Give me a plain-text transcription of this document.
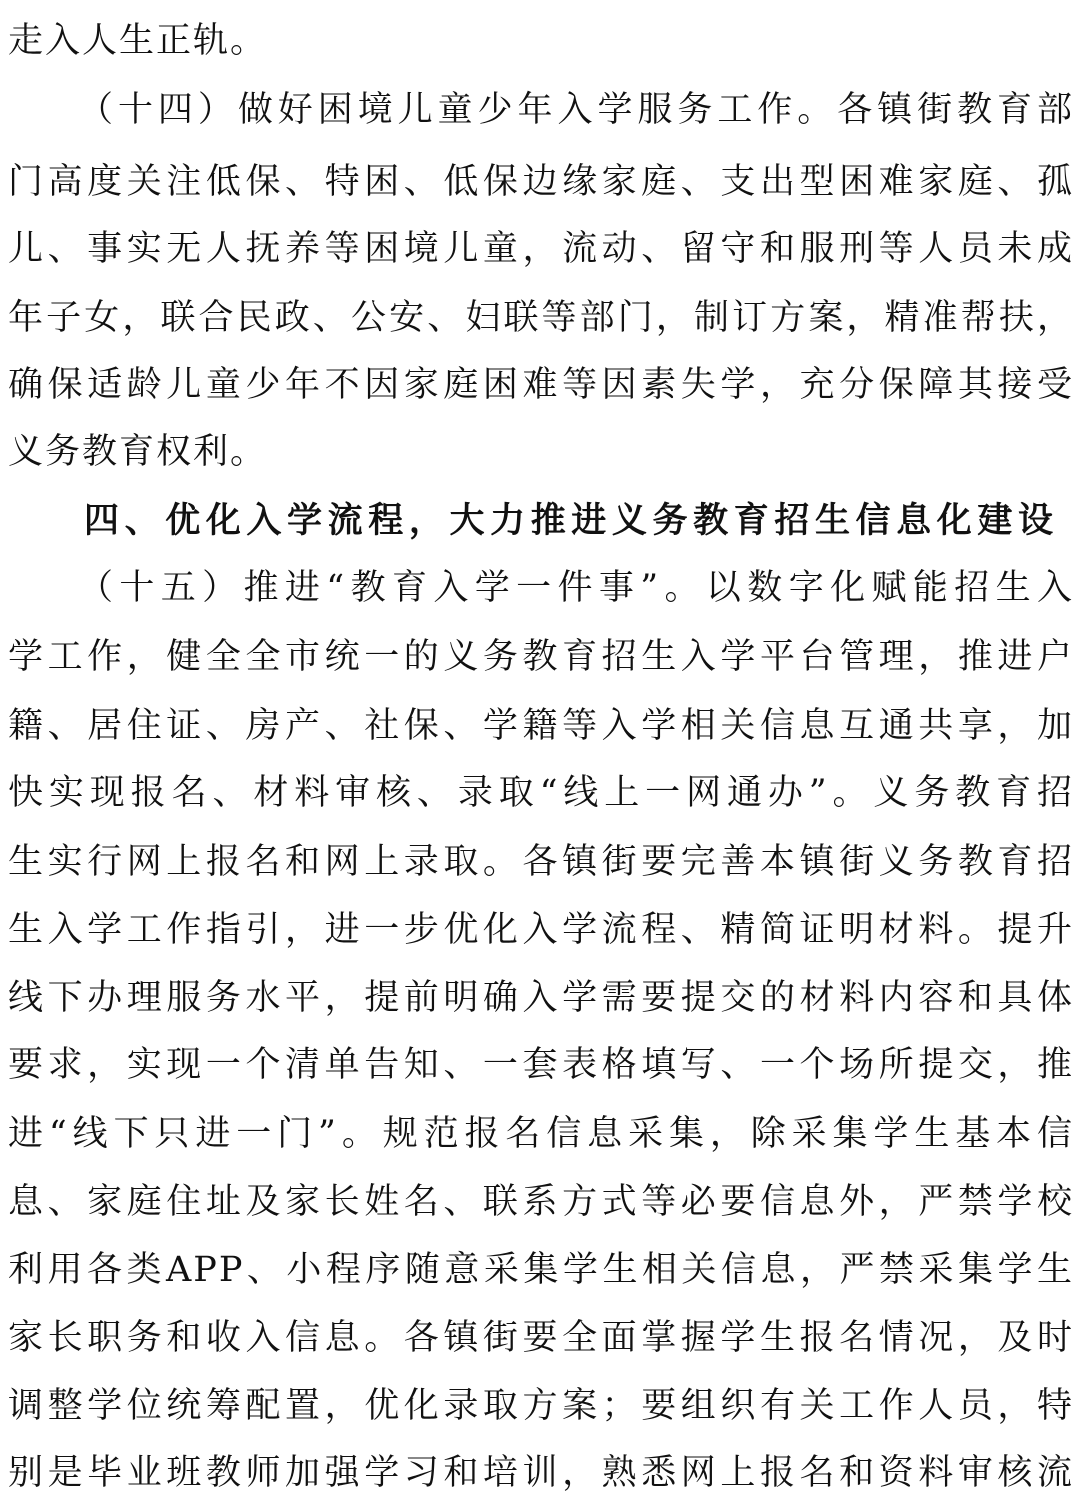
走入人生正轨。
（十四）做好困境儿童少年入学服务工作。各镇街教育部
门高度关注低保、特困、低保边缘家庭、支出型困难家庭、孤
儿、事实无人抚养等困境儿童，流动、留守和服刑等人员未成
年子女，联合民政、公安、妇联等部门，制订方案，精准帮扶，
确保适龄儿童少年不因家庭困难等因素失学，充分保障其接受
义务教育权利。
四、优化入学流程，大力推进义务教育招生信息化建设
（十五）推进“教育入学一件事”。以数字化赋能招生入
学工作，健全全市统一的义务教育招生入学平台管理，推进户
籍、居住证、房产、社保、学籍等入学相关信息互通共享，加
快实现报名、材料审核、录取“线上一网通办”。义务教育招
生实行网上报名和网上录取。各镇街要完善本镇街义务教育招
生入学工作指引，进一步优化入学流程、精简证明材料。提升
线下办理服务水平，提前明确入学需要提交的材料内容和具体
要求，实现一个清单告知、一套表格填写、一个场所提交，推
进“线下只进一门”。规范报名信息采集，除采集学生基本信
息、家庭住址及家长姓名、联系方式等必要信息外，严禁学校
利用各类APP、小程序随意采集学生相关信息，严禁采集学生
家长职务和收入信息。各镇街要全面掌握学生报名情况，及时
调整学位统筹配置，优化录取方案；要组织有关工作人员，特
别是毕业班教师加强学习和培训，熟悉网上报名和资料审核流
